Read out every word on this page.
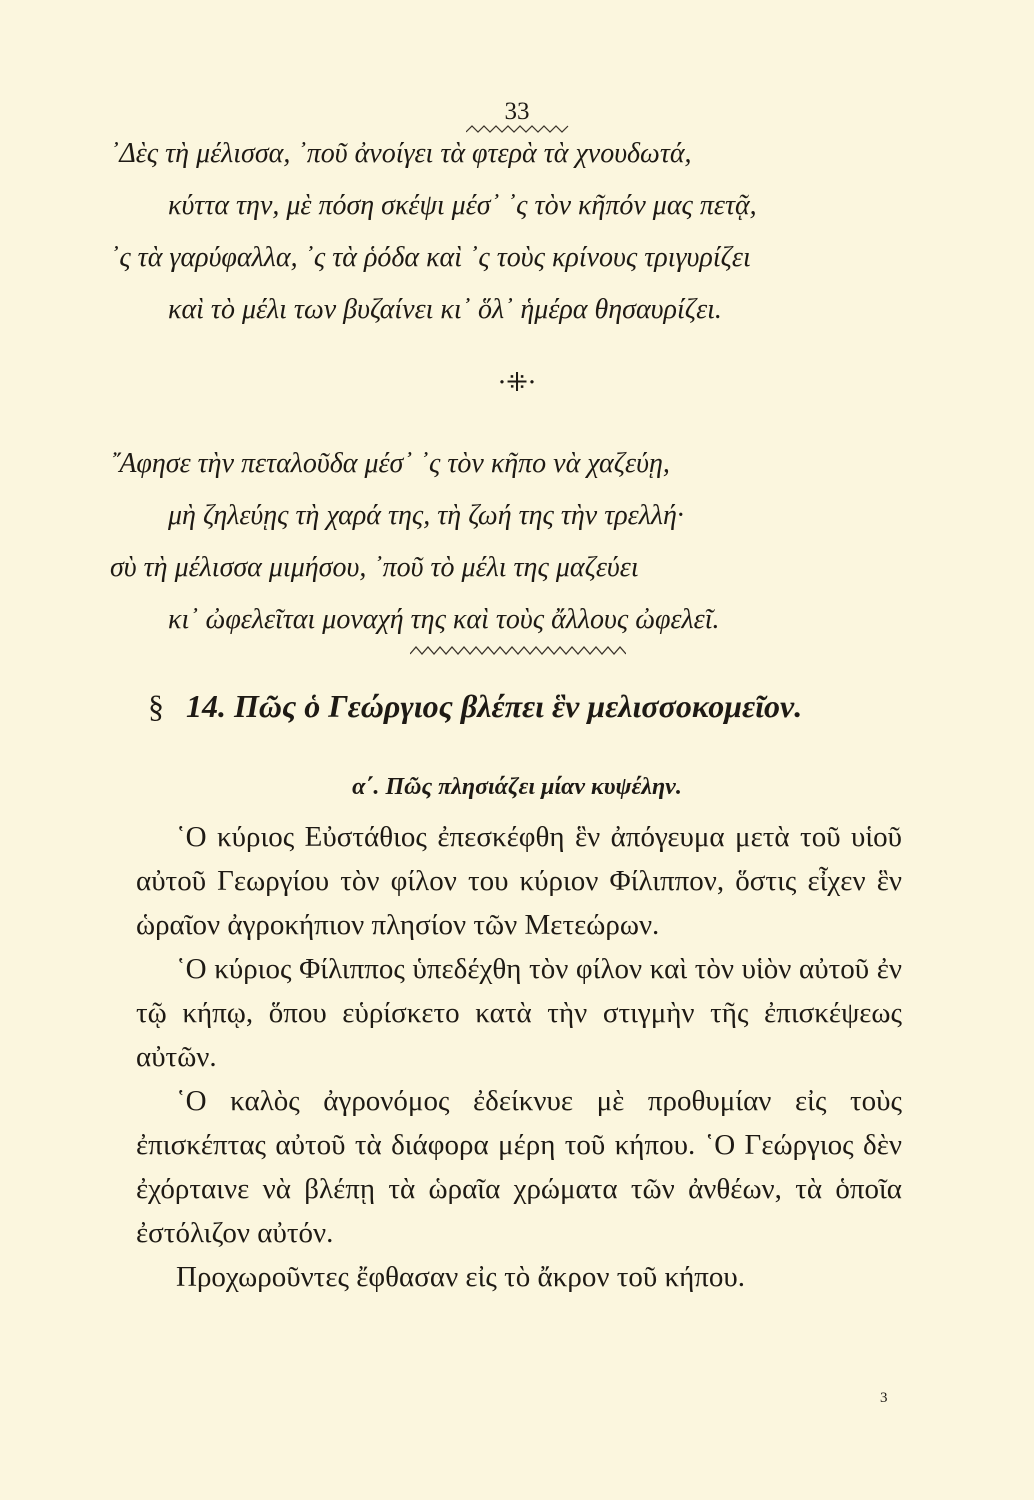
33
᾿Δὲς τὴ μέλισσα, ᾿ποῦ ἀνοίγει τὰ φτερὰ τὰ χνουδωτά,
κύττα την, μὲ πόση σκέψι μέσ᾿ ᾿ς τὸν κῆπόν μας πετᾷ,
᾿ς τὰ γαρύφαλλα, ᾿ς τὰ ῥόδα καὶ ᾿ς τοὺς κρίνους τριγυρίζει
καὶ τὸ μέλι των βυζαίνει κι᾿ ὅλ᾿ ἡμέρα θησαυρίζει.
·⁜·
῎Αφησε τὴν πεταλοῦδα μέσ᾿ ᾿ς τὸν κῆπο νὰ χαζεύῃ,
μὴ ζηλεύῃς τὴ χαρά της, τὴ ζωή της τὴν τρελλή·
σὺ τὴ μέλισσα μιμήσου, ᾿ποῦ τὸ μέλι της μαζεύει
κι᾿ ὠφελεῖται μοναχή της καὶ τοὺς ἄλλους ὠφελεῖ.
§ 14. Πῶς ὁ Γεώργιος βλέπει ἓν μελισσοκομεῖον.
α΄. Πῶς πλησιάζει μίαν κυψέλην.

῾Ο κύριος Εὐστάθιος ἐπεσκέφθη ἓν ἀπόγευμα μετὰ τοῦ υἱοῦ αὐτοῦ Γεωργίου τὸν φίλον του κύριον Φίλιππον, ὅστις εἶχεν ἓν ὡραῖον ἀγροκήπιον πλησίον τῶν Μετεώρων.

῾Ο κύριος Φίλιππος ὑπεδέχθη τὸν φίλον καὶ τὸν υἱὸν αὐτοῦ ἐν τῷ κήπῳ, ὅπου εὑρίσκετο κατὰ τὴν στιγμὴν τῆς ἐπισκέψεως αὐτῶν.

῾Ο καλὸς ἀγρονόμος ἐδείκνυε μὲ προθυμίαν εἰς τοὺς ἐπισκέπτας αὐτοῦ τὰ διάφορα μέρη τοῦ κήπου. ῾Ο Γεώργιος δὲν ἐχόρταινε νὰ βλέπῃ τὰ ὡραῖα χρώματα τῶν ἀνθέων, τὰ ὁποῖα ἐστόλιζον αὐτόν.

Προχωροῦντες ἔφθασαν εἰς τὸ ἄκρον τοῦ κήπου.

3
